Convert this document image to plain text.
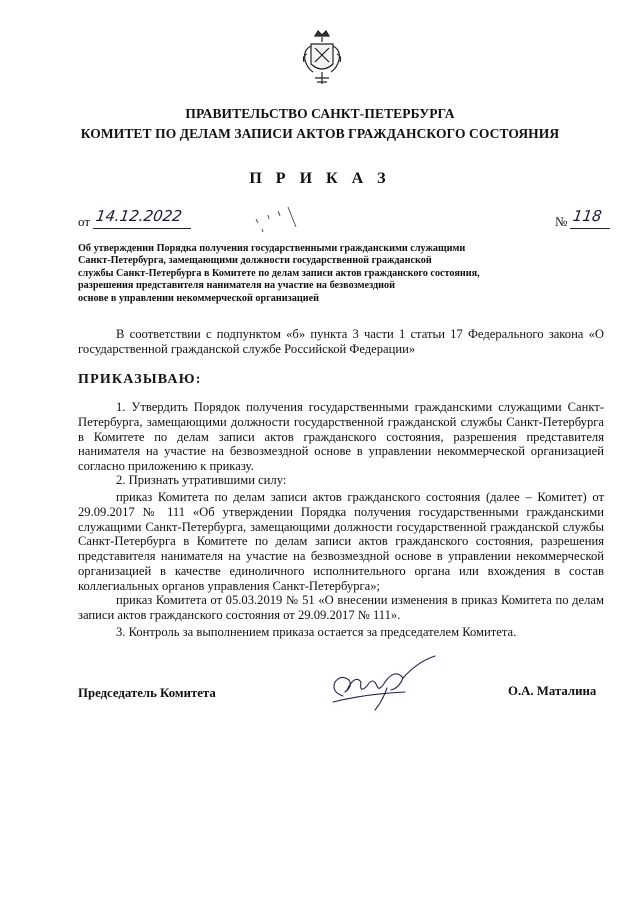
ПРАВИТЕЛЬСТВО САНКТ-ПЕТЕРБУРГА
КОМИТЕТ ПО ДЕЛАМ ЗАПИСИ АКТОВ ГРАЖДАНСКОГО СОСТОЯНИЯ
П Р И К А З
от 14.12.2022	№ 118
Об утверждении Порядка получения государственными гражданскими служащими
Санкт-Петербурга, замещающими должности государственной гражданской
службы Санкт-Петербурга в Комитете по делам записи актов гражданского состояния,
разрешения представителя нанимателя на участие на безвозмездной
основе в управлении некоммерческой организацией
В соответствии с подпунктом «б» пункта 3 части 1 статьи 17 Федерального закона «О государственной гражданской службе Российской Федерации»
ПРИКАЗЫВАЮ:
1. Утвердить Порядок получения государственными гражданскими служащими Санкт-Петербурга, замещающими должности государственной гражданской службы Санкт-Петербурга в Комитете по делам записи актов гражданского состояния, разрешения представителя нанимателя на участие на безвозмездной основе в управлении некоммерческой организацией согласно приложению к приказу.
2. Признать утратившими силу:
приказ Комитета по делам записи актов гражданского состояния (далее – Комитет) от 29.09.2017 № 111 «Об утверждении Порядка получения государственными гражданскими служащими Санкт-Петербурга, замещающими должности государственной гражданской службы Санкт-Петербурга в Комитете по делам записи актов гражданского состояния, разрешения представителя нанимателя на участие на безвозмездной основе в управлении некоммерческой организацией в качестве единоличного исполнительного органа или вхождения в состав коллегиальных органов управления Санкт-Петербурга»;
приказ Комитета от 05.03.2019 № 51 «О внесении изменения в приказ Комитета по делам записи актов гражданского состояния от 29.09.2017 № 111».
3. Контроль за выполнением приказа остается за председателем Комитета.
Председатель Комитета	О.А. Маталина
